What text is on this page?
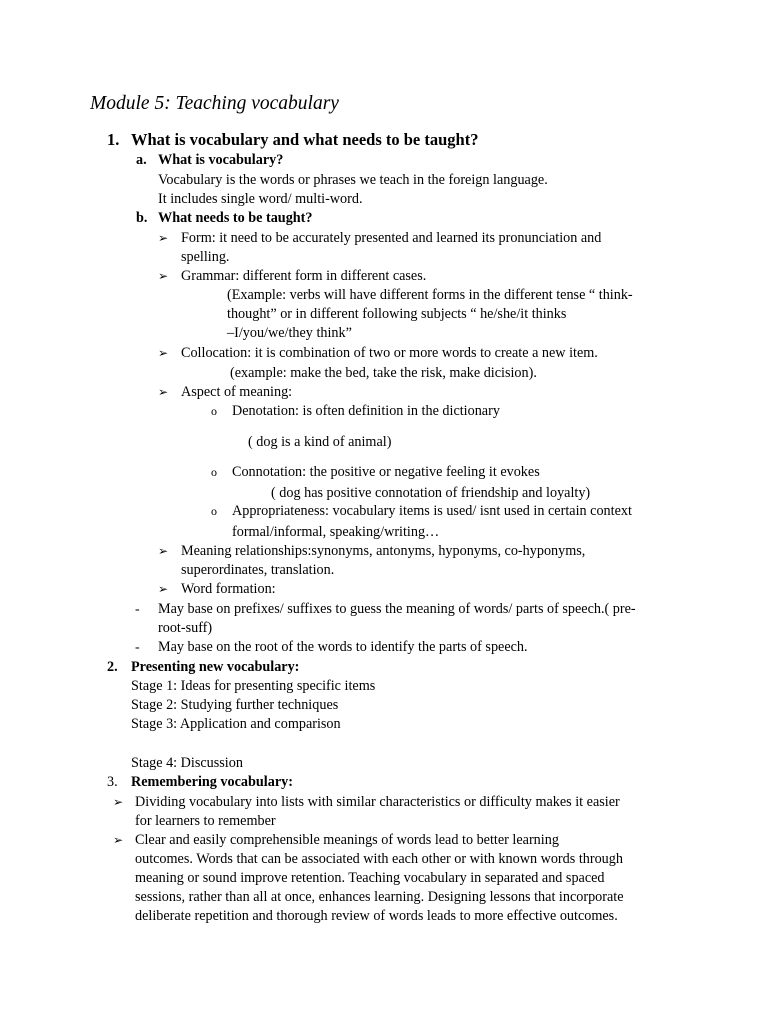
Module 5: Teaching vocabulary
1. What is vocabulary and what needs to be taught?
a. What is vocabulary?
Vocabulary is the words or phrases we teach in the foreign language.
It includes single word/ multi-word.
b. What needs to be taught?
➢ Form: it need to be accurately presented and learned its pronunciation and
spelling.
➢ Grammar: different form in different cases.
(Example: verbs will have different forms in the different tense “ think-
thought” or in different following subjects “ he/she/it thinks
–I/you/we/they think”
➢ Collocation: it is combination of two or more words to create a new item.
(example: make the bed, take the risk, make dicision).
➢ Aspect of meaning:
o Denotation: is often definition in the dictionary
( dog is a kind of animal)
o Connotation: the positive or negative feeling it evokes
( dog has positive connotation of friendship and loyalty)
o Appropriateness: vocabulary items is used/ isnt used in certain context
formal/informal, speaking/writing…
➢ Meaning relationships:synonyms, antonyms, hyponyms, co-hyponyms,
superordinates, translation.
➢ Word formation:
- May base on prefixes/ suffixes to guess the meaning of words/ parts of speech.( pre-
root-suff)
- May base on the root of the words to identify the parts of speech.
2. Presenting new vocabulary:
Stage 1: Ideas for presenting specific items
Stage 2: Studying further techniques
Stage 3: Application and comparison
Stage 4: Discussion
3. Remembering vocabulary:
➢ Dividing vocabulary into lists with similar characteristics or difficulty makes it easier
for learners to remember
➢ Clear and easily comprehensible meanings of words lead to better learning
outcomes. Words that can be associated with each other or with known words through
meaning or sound improve retention. Teaching vocabulary in separated and spaced
sessions, rather than all at once, enhances learning. Designing lessons that incorporate
deliberate repetition and thorough review of words leads to more effective outcomes.
